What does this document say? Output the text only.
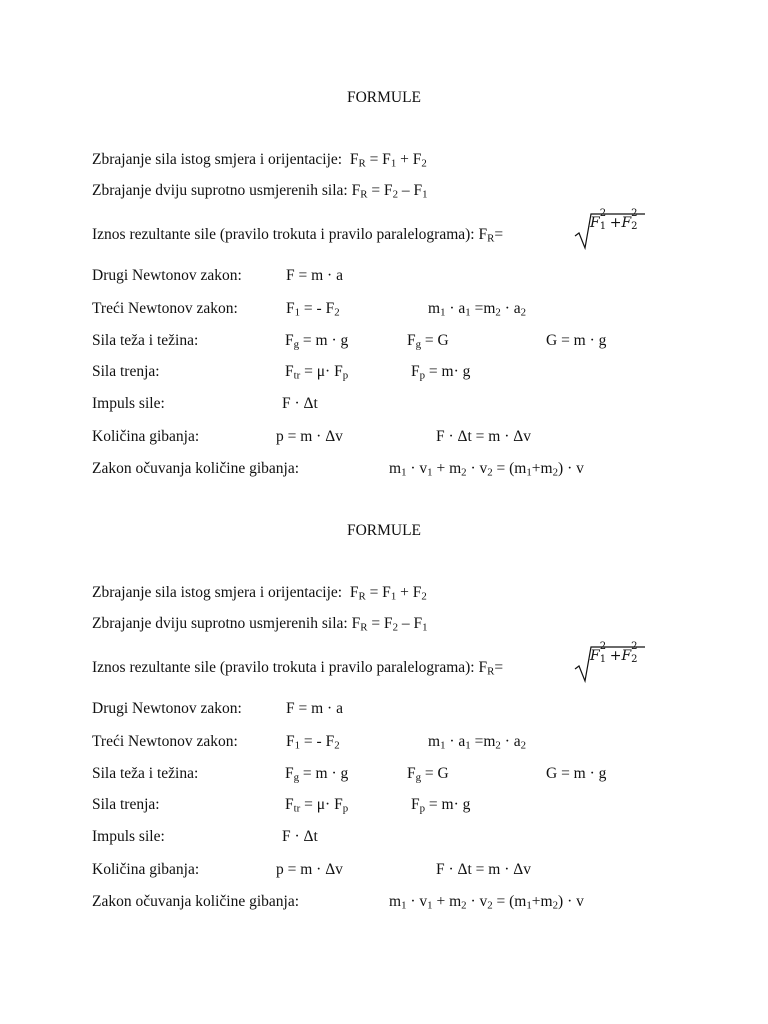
FORMULE
Zbrajanje sila istog smjera i orijentacije: $F_R = F_1 + F_2$
Zbrajanje dviju suprotno usmjerenih sila: $F_R = F_2 - F_1$
Iznos rezultante sile (pravilo trokuta i pravilo paralelograma): $F_R=$
F
2
1 +F
2
2
Drugi Newtonov zakon:	F = m · a
Treći Newtonov zakon:	$F_1$ = - $F_2$	$m_1 \cdot a_1 =m_2 \cdot a_2$
Sila teža i težina:	$F_g = m \cdot g$	$F_g = G$	G = m · g
Sila trenja:	$F_{tr} = \mu\cdot F_p$	$F_p = m\cdot g$
Impuls sile:	F · Δt
Količina gibanja:	p = m · Δv	F · Δt = m · Δv
Zakon očuvanja količine gibanja:	$m_1 \cdot v_1 + m_2 \cdot v_2 = (m_1+m_2) \cdot v$
FORMULE
Zbrajanje sila istog smjera i orijentacije: $F_R = F_1 + F_2$
Zbrajanje dviju suprotno usmjerenih sila: $F_R = F_2 - F_1$
Iznos rezultante sile (pravilo trokuta i pravilo paralelograma): $F_R=$
F
2
1 +F
2
2
Drugi Newtonov zakon:	F = m · a
Treći Newtonov zakon:	$F_1$ = - $F_2$	$m_1 \cdot a_1 =m_2 \cdot a_2$
Sila teža i težina:	$F_g = m \cdot g$	$F_g = G$	G = m · g
Sila trenja:	$F_{tr} = \mu\cdot F_p$	$F_p = m\cdot g$
Impuls sile:	F · Δt
Količina gibanja:	p = m · Δv	F · Δt = m · Δv
Zakon očuvanja količine gibanja:	$m_1 \cdot v_1 + m_2 \cdot v_2 = (m_1+m_2) \cdot v$
